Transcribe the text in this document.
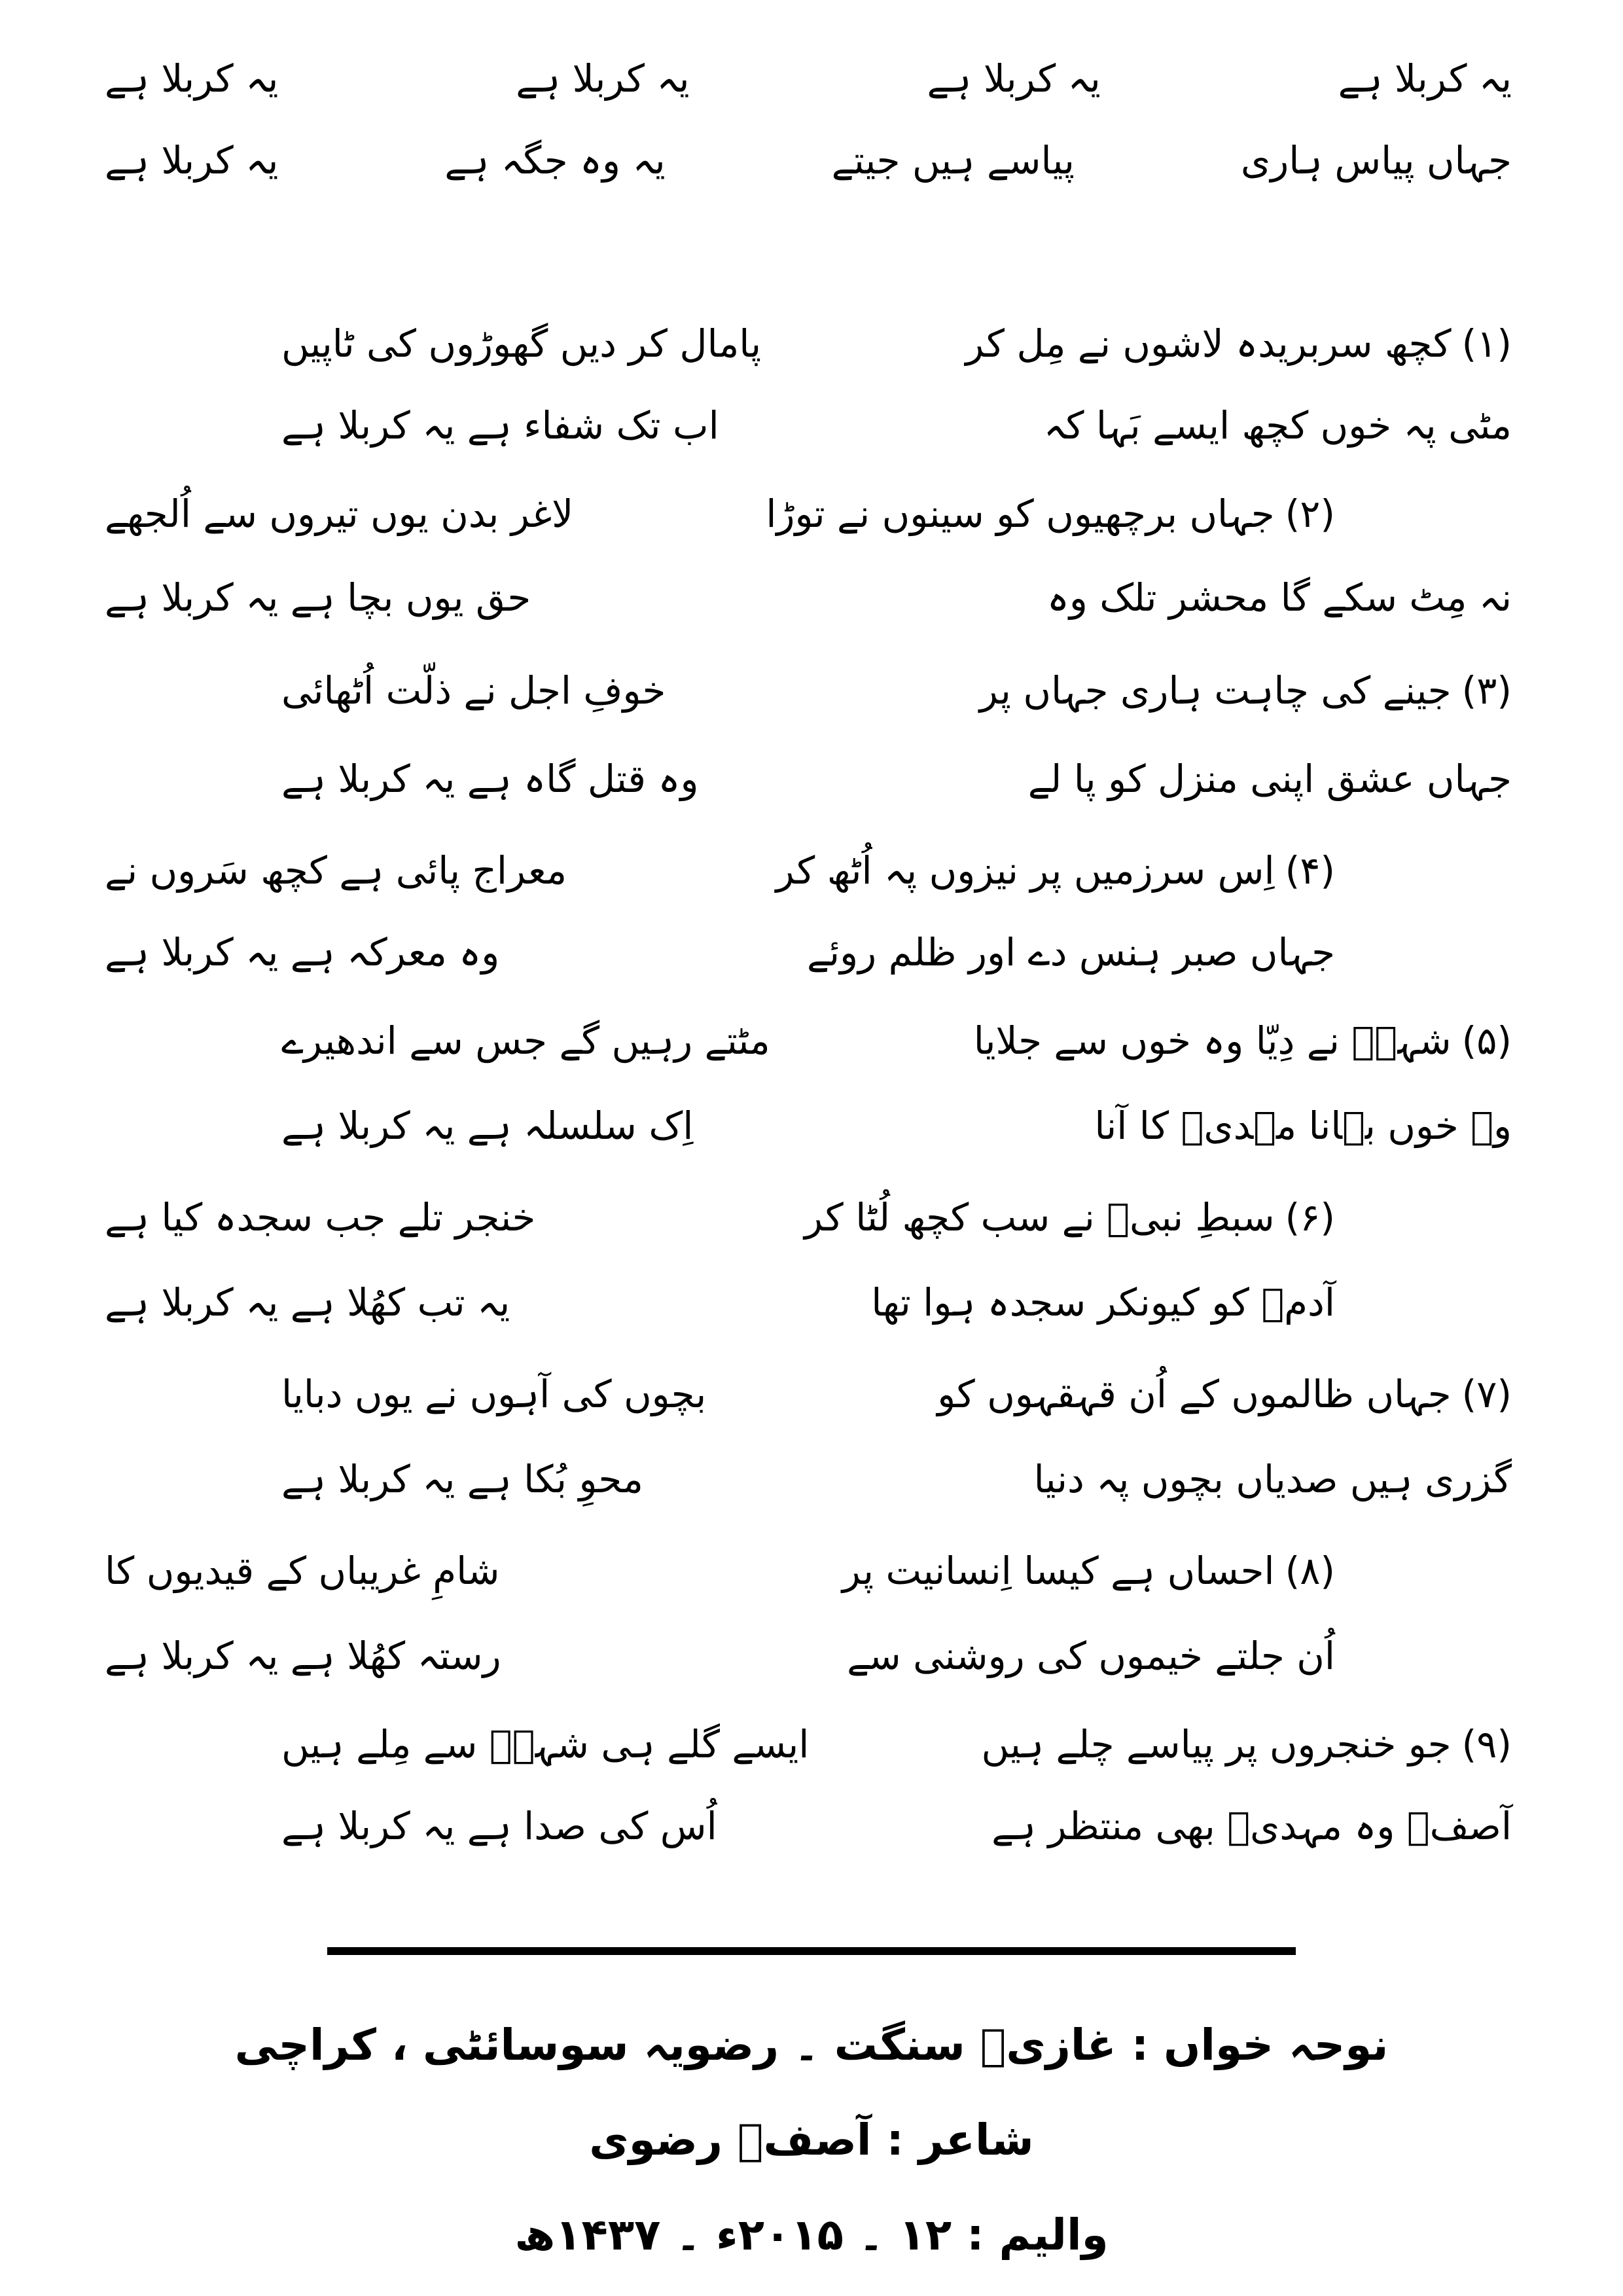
یہ کربلا ہے
یہ کربلا ہے
یہ کربلا ہے
یہ کربلا ہے
جہاں پیاس ہاری
پیاسے ہیں جیتے
یہ وہ جگہ ہے
یہ کربلا ہے
(۱)کچھ سربریدہ لاشوں نے مِل کر
پامال کر دیں گھوڑوں کی ٹاپیں
مٹی پہ خوں کچھ ایسے بَہا کہ
اب تک شفاء ہے یہ کربلا ہے
(۲)جہاں برچھیوں کو سینوں نے توڑا
لاغر بدن یوں تیروں سے اُلجھے
نہ مِٹ سکے گا محشر تلک وہ
حق یوں بچا ہے یہ کربلا ہے
(۳)جینے کی چاہت ہاری جہاں پر
خوفِ اجل نے ذلّت اُٹھائی
جہاں عشق اپنی منزل کو پا لے
وہ قتل گاہ ہے یہ کربلا ہے
(۴)اِس سرزمیں پر نیزوں پہ اُٹھ کر
معراج پائی ہے کچھ سَروں نے
جہاں صبر ہنس دے اور ظلم روئے
وہ معرکہ ہے یہ کربلا ہے
(۵)شہہؑ نے دِیّا وہ خوں سے جلایا
مٹتے رہیں گے جس سے اندھیرے
وہ خوں بہانا مہدیؑ کا آنا
اِک سلسلہ ہے یہ کربلا ہے
(۶)سبطِ نبیؐ نے سب کچھ لُٹا کر
خنجر تلے جب سجدہ کیا ہے
آدمؑ کو کیونکر سجدہ ہوا تھا
یہ تب کھُلا ہے یہ کربلا ہے
(۷)جہاں ظالموں کے اُن قہقہوں کو
بچوں کی آہوں نے یوں دبایا
گزری ہیں صدیاں بچوں پہ دنیا
محوِ بُکا ہے یہ کربلا ہے
(۸)احساں ہے کیسا اِنسانیت پر
شامِ غریباں کے قیدیوں کا
اُن جلتے خیموں کی روشنی سے
رستہ کھُلا ہے یہ کربلا ہے
(۹)جو خنجروں پر پیاسے چلے ہیں
ایسے گلے ہی شہہؑ سے مِلے ہیں
آصفؔ وہ مہدیؑ بھی منتظر ہے
اُس کی صدا ہے یہ کربلا ہے
نوحہ خواں : غازیؑ سنگت ۔ رضویہ سوسائٹی ، کراچی
شاعر : آصفؔ رضوی
والیم : ۱۲ ۔ ۲۰۱۵ء ۔ ۱۴۳۷ھ
